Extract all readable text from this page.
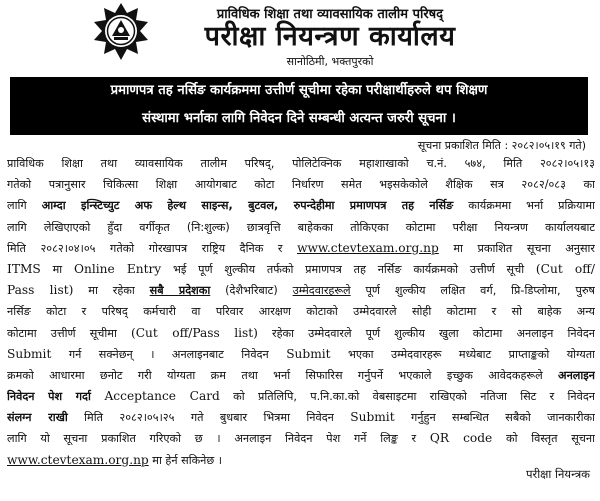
प्राविधिक शिक्षा तथा व्यावसायिक तालीम परिषद्
परीक्षा नियन्त्रण कार्यालय
सानोठिमी, भक्तपुरको
प्रमाणपत्र तह नर्सिङ कार्यक्रममा उत्तीर्ण सूचीमा रहेका परीक्षार्थीहरुले थप शिक्षण
संस्थामा भर्नाका लागि निवेदन दिने सम्बन्धी अत्यन्त जरुरी सूचना ।
सूचना प्रकाशित मिति : २०८२।०५।१९ गते)
प्राविधिक शिक्षा तथा व्यावसायिक तालीम परिषद्, पोलिटेक्निक महाशाखाको च.नं. ५७४, मिति २०८२।०५।१३
गतेको पत्रानुसार चिकित्सा शिक्षा आयोगबाट कोटा निर्धारण समेत भइसकेकोले शैक्षिक सत्र २०८२/०८३ का
लागि आम्दा इन्स्टिच्युट अफ हेल्थ साइन्स, बुटवल, रुपन्देहीमा प्रमाणपत्र तह नर्सिङ कार्यक्रममा भर्ना प्रक्रियामा
लागि लेखिएाएको हुँदा वर्गीकृत (नि:शुल्क) छात्रवृत्ति बाहेकका तोकिएका कोटामा परीक्षा नियन्त्रण कार्यालयबाट
मिति २०८२।०४।०५ गतेको गोरखापत्र राष्ट्रिय दैनिक र www.ctevtexam.org.np मा प्रकाशित सूचना अनुसार
ITMS मा Online Entry भई पूर्ण शुल्कीय तर्फको प्रमाणपत्र तह नर्सिङ कार्यक्रमको उत्तीर्ण सूची (Cut off/
Pass list) मा रहेका सबै प्रदेशका (देशैभरिबाट) उम्मेदवारहरूले पूर्ण शुल्कीय लक्षित वर्ग, प्रि-डिप्लोमा, पुरुष
नर्सिङ कोटा र परिषद् कर्मचारी वा परिवार आरक्षण कोटाको उम्मेदवारले सोही कोटामा र सो बाहेक अन्य
कोटामा उत्तीर्ण सूचीमा (Cut off/Pass list) रहेका उम्मेदवारले पूर्ण शुल्कीय खुला कोटामा अनलाइन निवेदन
Submit गर्न सक्नेछन् । अनलाइनबाट निवेदन Submit भएका उम्मेदवारहरू मध्येबाट प्राप्ताङ्कको योग्यता
क्रमको आधारमा छनोट गरी योग्यता क्रम तथा भर्ना सिफारिस गर्नुपर्ने भएकाले इच्छुक आवेदकहरूले अनलाइन
निवेदन पेश गर्दा Acceptance Card को प्रतिलिपि, प.नि.का.को वेबसाइटमा राखिएको नतिजा सिट र निवेदन
संलग्न राखी मिति २०८२।०५।२५ गते बुधबार भित्रमा निवेदन Submit गर्नुहुन सम्बन्धित सबैको जानकारीका
लागि यो सूचना प्रकाशित गरिएको छ । अनलाइन निवेदन पेश गर्ने लिङ्क र QR code को विस्तृत सूचना
www.ctevtexam.org.np मा हेर्न सकिनेछ ।
परीक्षा नियन्त्रक
